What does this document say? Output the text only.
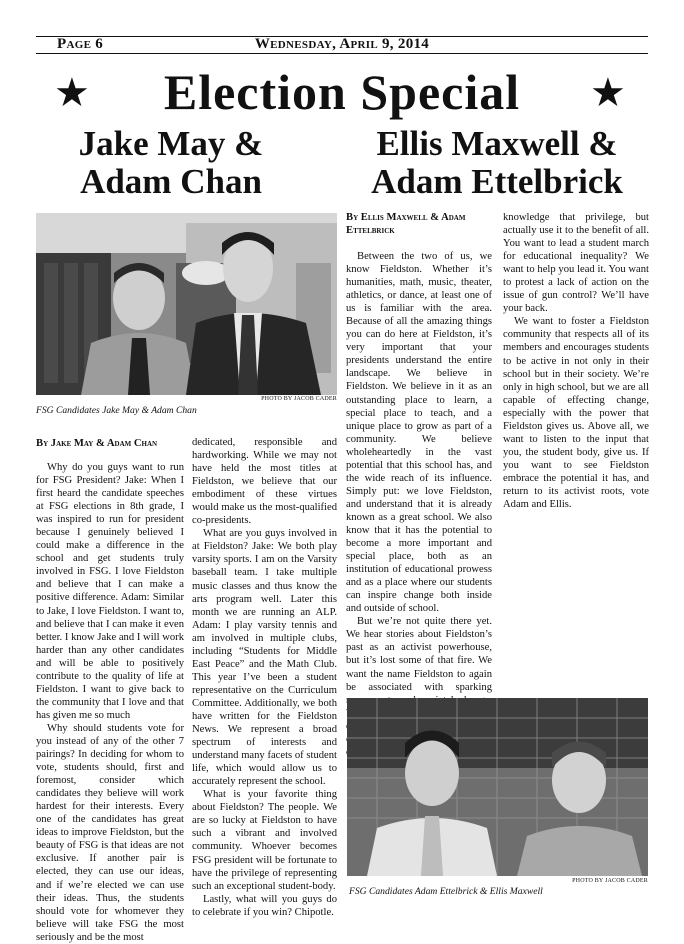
Page 6	Wednesday, April 9, 2014
★	Election Special	★
Jake May &
Adam Chan
Ellis Maxwell &
Adam Ettelbrick
PHOTO BY JACOB CADER
FSG Candidates Jake May & Adam Chan
By Jake May & Adam Chan

Why do you guys want to run for FSG President? Jake: When I first heard the candidate speeches at FSG elections in 8th grade, I was inspired to run for president because I genuinely believed I could make a difference in the school and get students truly involved in FSG. I love Fieldston and believe that I can make a positive difference. Adam: Similar to Jake, I love Fieldston. I want to, and believe that I can make it even better. I know Jake and I will work harder than any other candidates and will be able to positively contribute to the quality of life at Fieldston. I want to give back to the community that I love and that has given me so much

Why should students vote for you instead of any of the other 7 pairings? In deciding for whom to vote, students should, first and foremost, consider which candidates they believe will work hardest for their interests. Every one of the candidates has great ideas to improve Fieldston, but the beauty of FSG is that ideas are not exclusive. If another pair is elected, they can use our ideas, and if we’re elected we can use their ideas. Thus, the students should vote for whomever they believe will take FSG the most seriously and be the most

dedicated, responsible and hardworking. While we may not have held the most titles at Fieldston, we believe that our embodiment of these virtues would make us the most-qualified co-presidents.

What are you guys involved in at Fieldston? Jake: We both play varsity sports. I am on the Varsity baseball team. I take multiple music classes and thus know the arts program well. Later this month we are running an ALP. Adam: I play varsity tennis and am involved in multiple clubs, including “Students for Middle East Peace” and the Math Club. This year I’ve been a student representative on the Curriculum Committee. Additionally, we both have written for the Fieldston News. We represent a broad spectrum of interests and understand many facets of student life, which would allow us to accurately represent the school.

What is your favorite thing about Fieldston? The people. We are so lucky at Fieldston to have such a vibrant and involved community. Whoever becomes FSG president will be fortunate to have the privilege of representing such an exceptional student-body.

Lastly, what will you guys do to celebrate if you win? Chipotle.

By Ellis Maxwell & Adam Ettelbrick

Between the two of us, we know Fieldston. Whether it’s humanities, math, music, theater, athletics, or dance, at least one of us is familiar with the area. Because of all the amazing things you can do here at Fieldston, it’s very important that your presidents understand the entire landscape. We believe in Fieldston. We believe in it as an outstanding place to learn, a special place to teach, and a unique place to grow as part of a community. We believe wholeheartedly in the vast potential that this school has, and the wide reach of its influence. Simply put: we love Fieldston, and understand that it is already known as a great school. We also know that it has the potential to become a more important and special place, both as an institution of educational prowess and as a place where our students can inspire change both inside and outside of school.

But we’re not quite there yet. We hear stories about Fieldston’s past as an activist powerhouse, but it’s lost some of that fire. We want the name Fieldston to again be associated with sparking

knowledge that privilege, but actually use it to the benefit of all. You want to lead a student march for educational inequality? We want to help you lead it. You want to protest a lack of action on the issue of gun control? We’ll have your back.

We want to foster a Fieldston community that respects all of its members and encourages students to be active in not only in their school but in their society. We’re only in high school, but we are all capable of effecting change, especially with the power that Fieldston gives us. Above all, we want to listen to the input that you, the student body, give us. If you want to see Fieldston embrace the potential it has, and return to its activist roots, vote Adam and Ellis.

PHOTO BY JACOB CADER
FSG Candidates Adam Ettelbrick & Ellis Maxwell
